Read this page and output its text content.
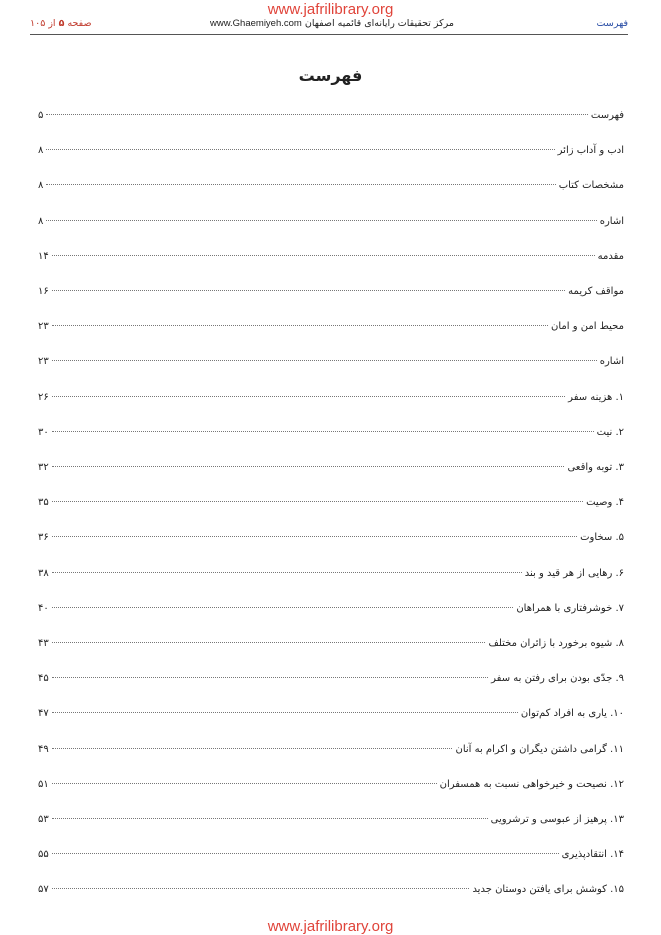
www.jafrilibrary.org
فهرست
مرکز تحقیقات رایانه‌ای قائمیه اصفهان www.Ghaemiyeh.com
صفحه ۵ از ۱۰۵
فهرست
فهرست
۵
ادب و آداب زائر
۸
مشخصات کتاب
۸
اشاره
۸
مقدمه
۱۴
مواقف کریمه
۱۶
محیط امن و امان
۲۳
اشاره
۲۳
۱. هزینه سفر
۲۶
۲. نیت
۳۰
۳. توبه واقعی
۳۲
۴. وصیت
۳۵
۵. سخاوت
۳۶
۶. رهایی از هر قید و بند
۳۸
۷. خوشرفتاری با همراهان
۴۰
۸. شیوه برخورد با زائران مختلف
۴۳
۹. جدّی بودن برای رفتن به سفر
۴۵
۱۰. یاری به افراد کم‌توان
۴۷
۱۱. گرامی داشتن دیگران و اکرام به آنان
۴۹
۱۲. نصیحت و خیرخواهی نسبت به همسفران
۵۱
۱۳. پرهیز از عبوسی و ترشرویی
۵۳
۱۴. انتقادپذیری
۵۵
۱۵. کوشش برای یافتن دوستان جدید
۵۷
www.jafrilibrary.org
